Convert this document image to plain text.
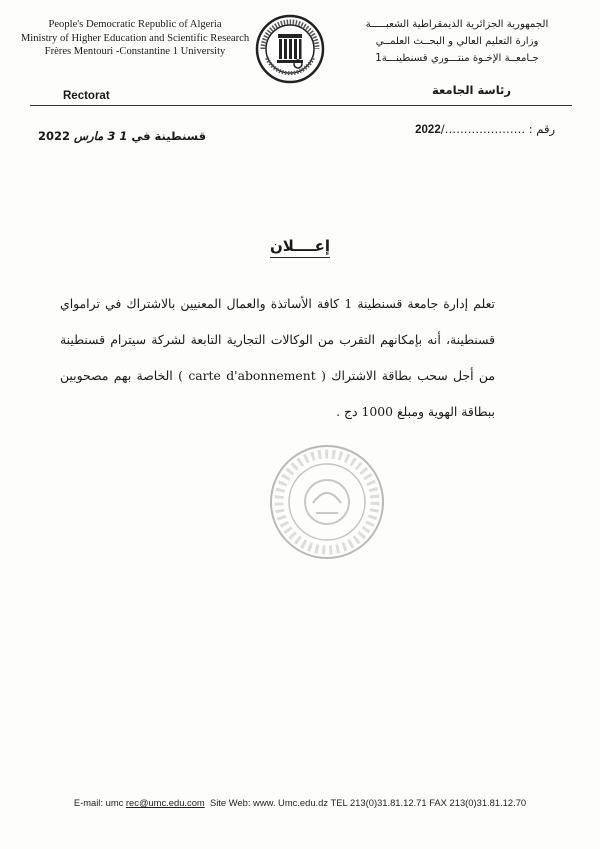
People's Democratic Republic of Algeria
Ministry of Higher Education and Scientific Research
Frères Mentouri -Constantine 1 University
الجمهورية الجزائرية الديمقراطية الشعبـــــة
وزارة التعليم العالي و البحــث العلمــي
جـامعــة الإخـوة منتـــوري قسنطينـــة1
Rectorat	رئاسة الجامعة
رقم : …………………/2022
قسنطينة في 1 3 مارس 2022
إعــــلان
تعلم إدارة جامعة قسنطينة 1 كافة الأساتذة والعمال المعنيين بالاشتراك في ترامواي قسنطينة، أنه بإمكانهم التقرب من الوكالات التجارية التابعة لشركة سيترام قسنطينة من أجل سحب بطاقة الاشتراك ( carte d'abonnement ) الخاصة بهم مصحوبين ببطاقة الهوية ومبلغ 1000 دج .
E-mail: umc rec@umc.edu.com Site Web: www. Umc.edu.dz TEL 213(0)31.81.12.71 FAX 213(0)31.81.12.70
